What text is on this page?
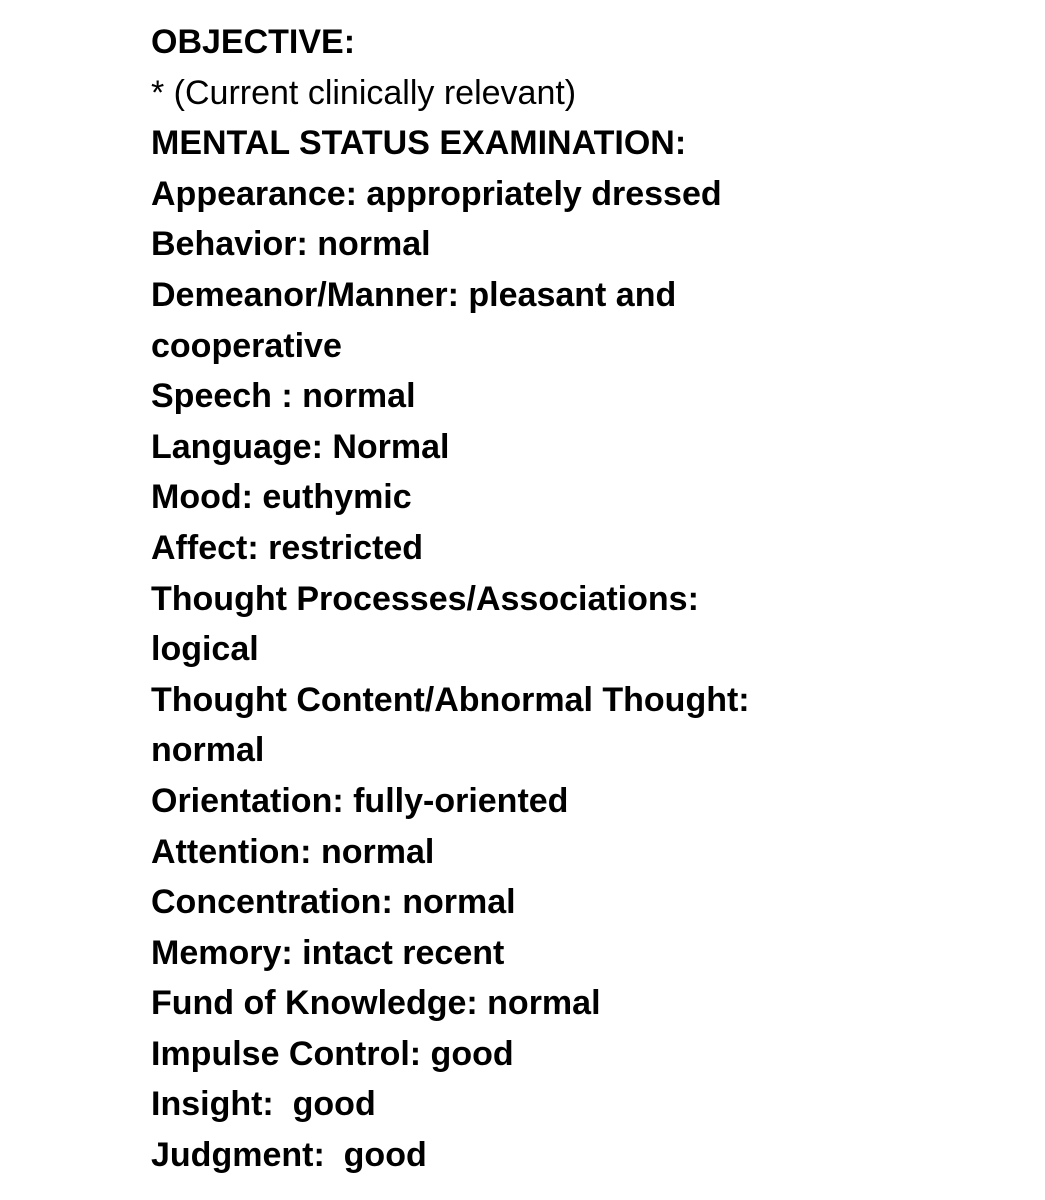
OBJECTIVE:
* (Current clinically relevant)
MENTAL STATUS EXAMINATION:
Appearance: appropriately dressed
Behavior: normal
Demeanor/Manner: pleasant and
cooperative
Speech : normal
Language: Normal
Mood: euthymic
Affect: restricted
Thought Processes/Associations:
logical
Thought Content/Abnormal Thought:
normal
Orientation: fully-oriented
Attention: normal
Concentration: normal
Memory: intact recent
Fund of Knowledge: normal
Impulse Control: good
Insight:  good
Judgment:  good
